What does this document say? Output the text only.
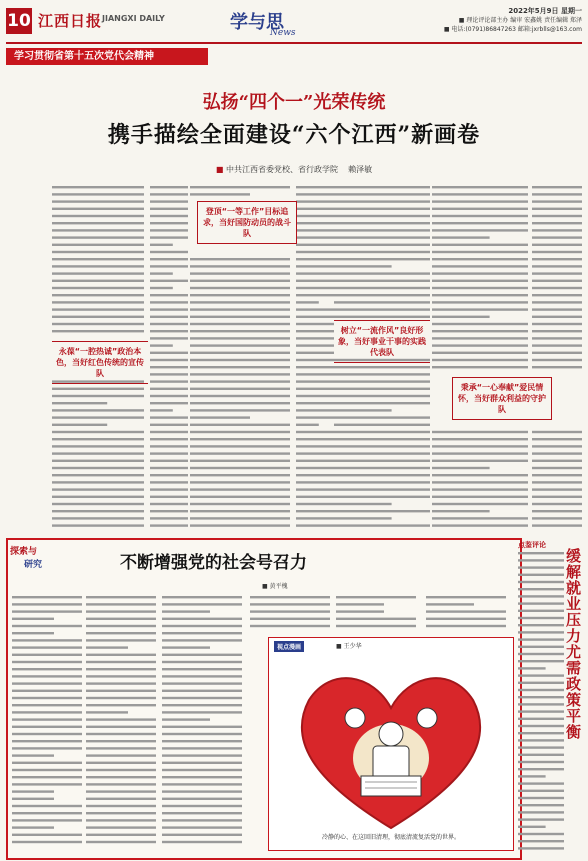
10 江西日报 JIANGXI DAILY	学与思
News
2022年5月9日 星期一
■ 理论评论部主办 编审 宏鑫姚 责任编辑 郑泽
■ 电话:(0791)86847263 邮箱:jxrblls@163.com
学习贯彻省第十五次党代会精神
弘扬“四个一”光荣传统
携手描绘全面建设“六个江西”新画卷
■ 中共江西省委党校、省行政学院 赖泽敏
永葆“一腔热诚”政治本色，当好红色传统的宣传队
登顶“一等工作”目标追求，当好国防动员的战斗队
树立“一流作风”良好形象，当好事业干事的实践代表队
秉承“一心奉献”爱民情怀，当好群众利益的守护队
探索与
研究	不断增强党的社会号召力
■ 黄平槐
视点漫画	■ 王少华
冷静的心、在这回旧清理，彻底清流复活党的世界。
点鉴评论
缓解就业压力尤需政策平衡
